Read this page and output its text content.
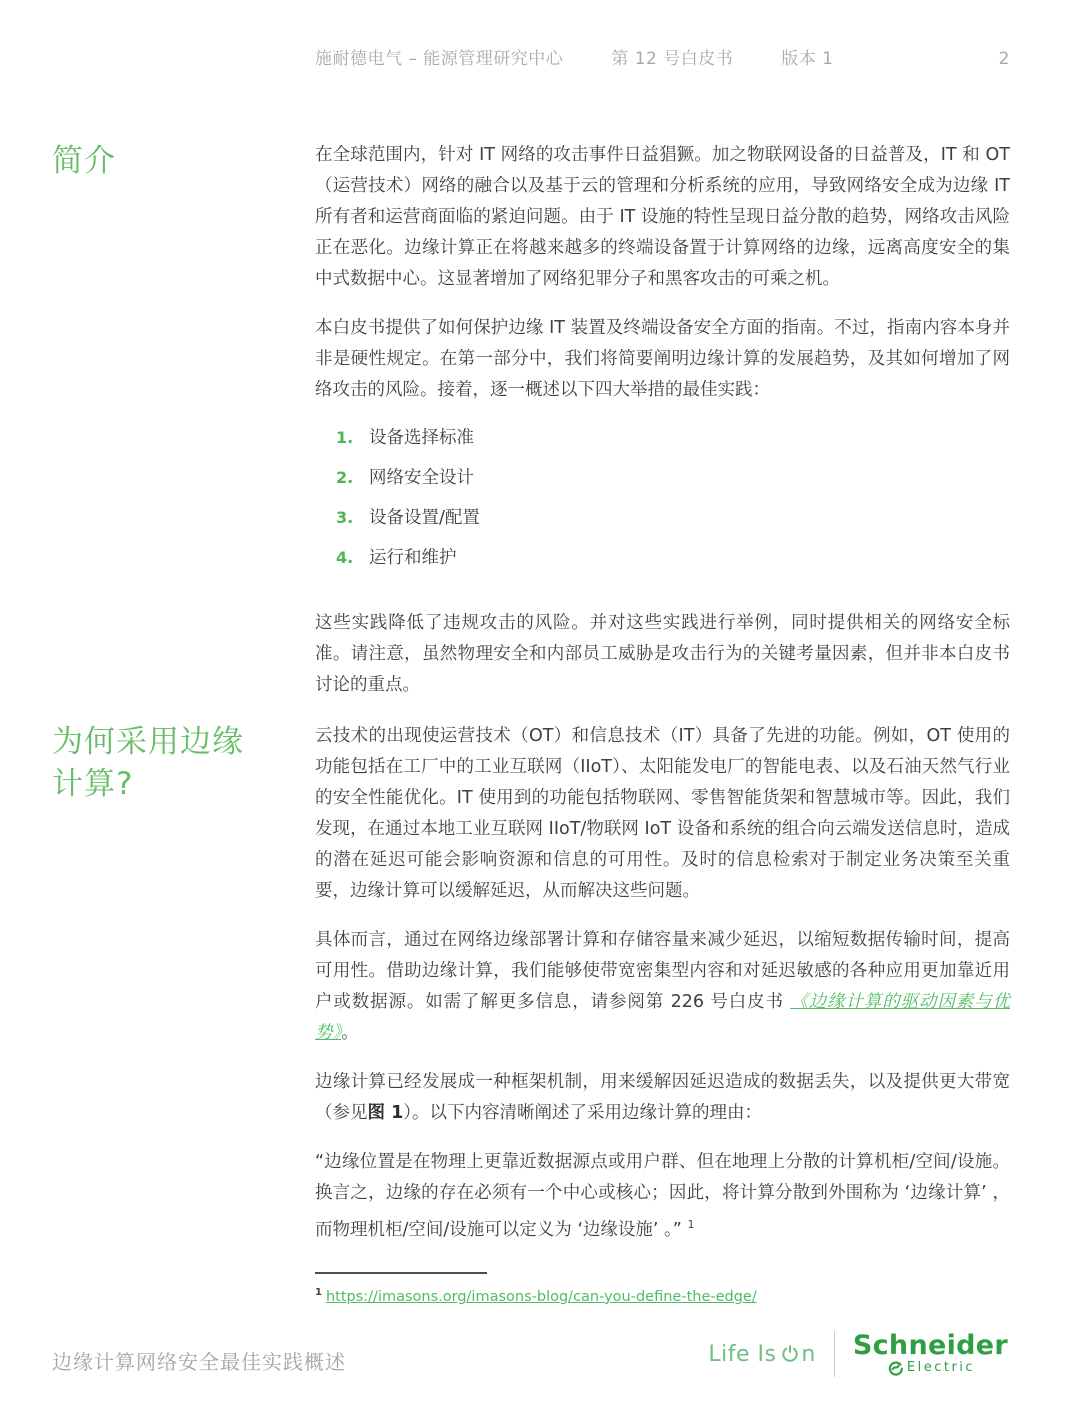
施耐德电气 – 能源管理研究中心	第 12 号白皮书	版本 1	2
简介	在全球范围内，针对 IT 网络的攻击事件日益猖獗。加之物联网设备的日益普及，IT 和 OT（运营技术）网络的融合以及基于云的管理和分析系统的应用，导致网络安全成为边缘 IT 所有者和运营商面临的紧迫问题。由于 IT 设施的特性呈现日益分散的趋势，网络攻击风险正在恶化。边缘计算正在将越来越多的终端设备置于计算网络的边缘，远离高度安全的集中式数据中心。这显著增加了网络犯罪分子和黑客攻击的可乘之机。

本白皮书提供了如何保护边缘 IT 装置及终端设备安全方面的指南。不过，指南内容本身并非是硬性规定。在第一部分中，我们将简要阐明边缘计算的发展趋势，及其如何增加了网络攻击的风险。接着，逐一概述以下四大举措的最佳实践：

1. 设备选择标准
2. 网络安全设计
3. 设备设置/配置
4. 运行和维护

这些实践降低了违规攻击的风险。并对这些实践进行举例，同时提供相关的网络安全标准。请注意，虽然物理安全和内部员工威胁是攻击行为的关键考量因素，但并非本白皮书讨论的重点。

为何采用边缘
计算?

云技术的出现使运营技术（OT）和信息技术（IT）具备了先进的功能。例如，OT 使用的功能包括在工厂中的工业互联网（IIoT）、太阳能发电厂的智能电表、以及石油天然气行业的安全性能优化。IT 使用到的功能包括物联网、零售智能货架和智慧城市等。因此，我们发现，在通过本地工业互联网 IIoT/物联网 IoT 设备和系统的组合向云端发送信息时，造成的潜在延迟可能会影响资源和信息的可用性。及时的信息检索对于制定业务决策至关重要，边缘计算可以缓解延迟，从而解决这些问题。

具体而言，通过在网络边缘部署计算和存储容量来减少延迟，以缩短数据传输时间，提高可用性。借助边缘计算，我们能够使带宽密集型内容和对延迟敏感的各种应用更加靠近用户或数据源。如需了解更多信息，请参阅第 226 号白皮书 《边缘计算的驱动因素与优势》。

边缘计算已经发展成一种框架机制，用来缓解因延迟造成的数据丢失，以及提供更大带宽（参见图 1）。以下内容清晰阐述了采用边缘计算的理由：

“边缘位置是在物理上更靠近数据源点或用户群、但在地理上分散的计算机柜/空间/设施。换言之，边缘的存在必须有一个中心或核心；因此，将计算分散到外围称为 ‘边缘计算’ ，而物理机柜/空间/设施可以定义为 ‘边缘设施’ 。” $^1$

$^1$ https://imasons.org/imasons-blog/can-you-define-the-edge/
边缘计算网络安全最佳实践概述	Life Is n Schneider
Electric
